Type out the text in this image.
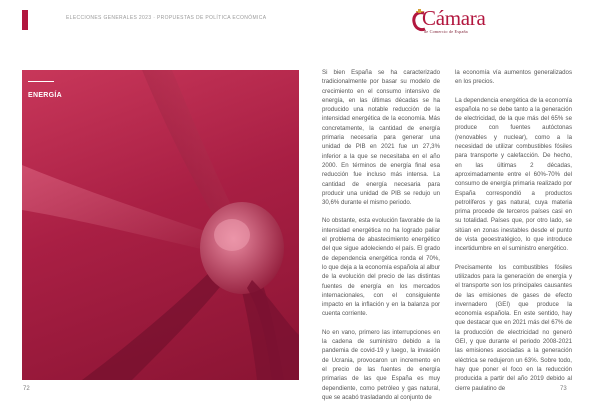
ELECCIONES GENERALES 2023 · PROPUESTAS DE POLÍTICA ECONÓMICA	Cámara
de Comercio de España
ENERGÍA

Si bien España se ha caracterizado tradicionalmente por basar su modelo de crecimiento en el consumo intensivo de energía, en las últimas décadas se ha producido una notable reducción de la intensidad energética de la economía. Más concretamente, la cantidad de energía primaria necesaria para generar una unidad de PIB en 2021 fue un 27,3% inferior a la que se necesitaba en el año 2000. En términos de energía final esa reducción fue incluso más intensa. La cantidad de energía necesaria para producir una unidad de PIB se redujo un 30,6% durante el mismo periodo.

No obstante, esta evolución favorable de la intensidad energética no ha logrado paliar el problema de abastecimiento energético del que sigue adoleciendo el país. El grado de dependencia energética ronda el 70%, lo que deja a la economía española al albur de la evolución del precio de las distintas fuentes de energía en los mercados internacionales, con el consiguiente impacto en la inflación y en la balanza por cuenta corriente.

No en vano, primero las interrupciones en la cadena de suministro debido a la pandemia de covid-19 y luego, la invasión de Ucrania, provocaron un incremento en el precio de las fuentes de energía primarias de las que España es muy dependiente, como petróleo y gas natural, que se acabó trasladando al conjunto de

la economía vía aumentos generalizados en los precios.

La dependencia energética de la economía española no se debe tanto a la generación de electricidad, de la que más del 65% se produce con fuentes autóctonas (renovables y nuclear), como a la necesidad de utilizar combustibles fósiles para transporte y calefacción. De hecho, en las últimas 2 décadas, aproximadamente entre el 60%-70% del consumo de energía primaria realizado por España correspondió a productos petrolíferos y gas natural, cuya materia prima procede de terceros países casi en su totalidad. Países que, por otro lado, se sitúan en zonas inestables desde el punto de vista geoestratégico, lo que introduce incertidumbre en el suministro energético.

Precisamente los combustibles fósiles utilizados para la generación de energía y el transporte son los principales causantes de las emisiones de gases de efecto invernadero (GEI) que produce la economía española. En este sentido, hay que destacar que en 2021 más del 67% de la producción de electricidad no generó GEI, y que durante el periodo 2008-2021 las emisiones asociadas a la generación eléctrica se redujeron un 63%. Sobre todo, hay que poner el foco en la reducción producida a partir del año 2019 debido al cierre paulatino de

72	73
